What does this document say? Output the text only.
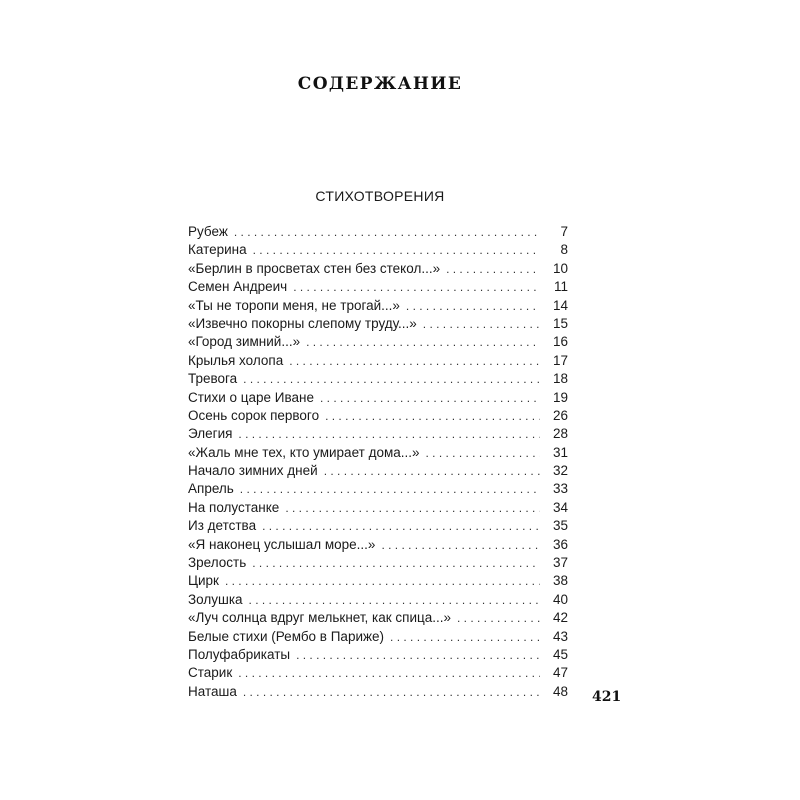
СОДЕРЖАНИЕ
СТИХОТВОРЕНИЯ
Рубеж . . .	7
Катерина . . .	8
«Берлин в просветах стен без стекол...» . . .	10
Семен Андреич . . .	11
«Ты не торопи меня, не трогай...» . . .	14
«Извечно покорны слепому труду...» . . .	15
«Город зимний...» . . .	16
Крылья холопа . . .	17
Тревога . . .	18
Стихи о царе Иване . . .	19
Осень сорок первого . . .	26
Элегия . . .	28
«Жаль мне тех, кто умирает дома...» . . .	31
Начало зимних дней . . .	32
Апрель . . .	33
На полустанке . . .	34
Из детства . . .	35
«Я наконец услышал море...» . . .	36
Зрелость . . .	37
Цирк . . .	38
Золушка . . .	40
«Луч солнца вдруг мелькнет, как спица...» . . .	42
Белые стихи (Рембо в Париже) . . .	43
Полуфабрикаты . . .	45
Старик . . .	47
Наташа . . .	48 421
